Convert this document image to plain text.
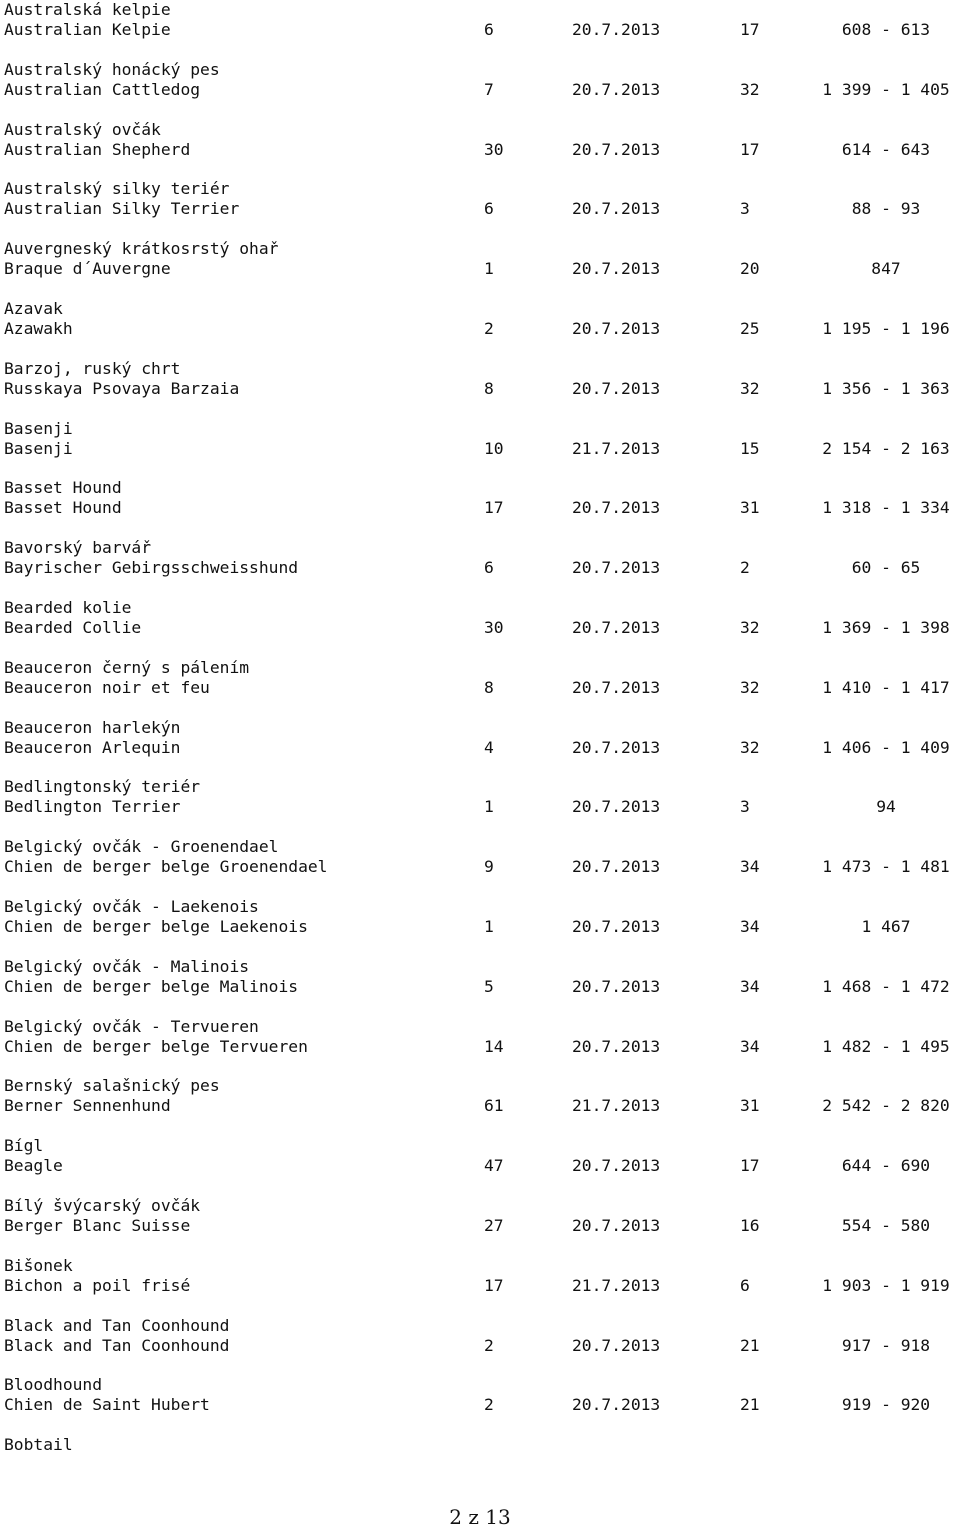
Australská kelpie
Australian Kelpie	6	20.7.2013	17	608 - 613
Australský honácký pes
Australian Cattledog	7	20.7.2013	32	1 399 - 1 405
Australský ovčák
Australian Shepherd	30	20.7.2013	17	614 - 643
Australský silky teriér
Australian Silky Terrier	6	20.7.2013	3	88 - 93
Auvergneský krátkosrstý ohař
Braque d´Auvergne	1	20.7.2013	20	847
Azavak
Azawakh	2	20.7.2013	25	1 195 - 1 196
Barzoj, ruský chrt
Russkaya Psovaya Barzaia	8	20.7.2013	32	1 356 - 1 363
Basenji
Basenji	10	21.7.2013	15	2 154 - 2 163
Basset Hound
Basset Hound	17	20.7.2013	31	1 318 - 1 334
Bavorský barvář
Bayrischer Gebirgsschweisshund	6	20.7.2013	2	60 - 65
Bearded kolie
Bearded Collie	30	20.7.2013	32	1 369 - 1 398
Beauceron černý s pálením
Beauceron noir et feu	8	20.7.2013	32	1 410 - 1 417
Beauceron harlekýn
Beauceron Arlequin	4	20.7.2013	32	1 406 - 1 409
Bedlingtonský teriér
Bedlington Terrier	1	20.7.2013	3	94
Belgický ovčák - Groenendael
Chien de berger belge Groenendael	9	20.7.2013	34	1 473 - 1 481
Belgický ovčák - Laekenois
Chien de berger belge Laekenois	1	20.7.2013	34	1 467
Belgický ovčák - Malinois
Chien de berger belge Malinois	5	20.7.2013	34	1 468 - 1 472
Belgický ovčák - Tervueren
Chien de berger belge Tervueren	14	20.7.2013	34	1 482 - 1 495
Bernský salašnický pes
Berner Sennenhund	61	21.7.2013	31	2 542 - 2 820
Bígl
Beagle	47	20.7.2013	17	644 - 690
Bílý švýcarský ovčák
Berger Blanc Suisse	27	20.7.2013	16	554 - 580
Bišonek
Bichon a poil frisé	17	21.7.2013	6	1 903 - 1 919
Black and Tan Coonhound
Black and Tan Coonhound	2	20.7.2013	21	917 - 918
Bloodhound
Chien de Saint Hubert	2	20.7.2013	21	919 - 920
Bobtail
2 z 13
